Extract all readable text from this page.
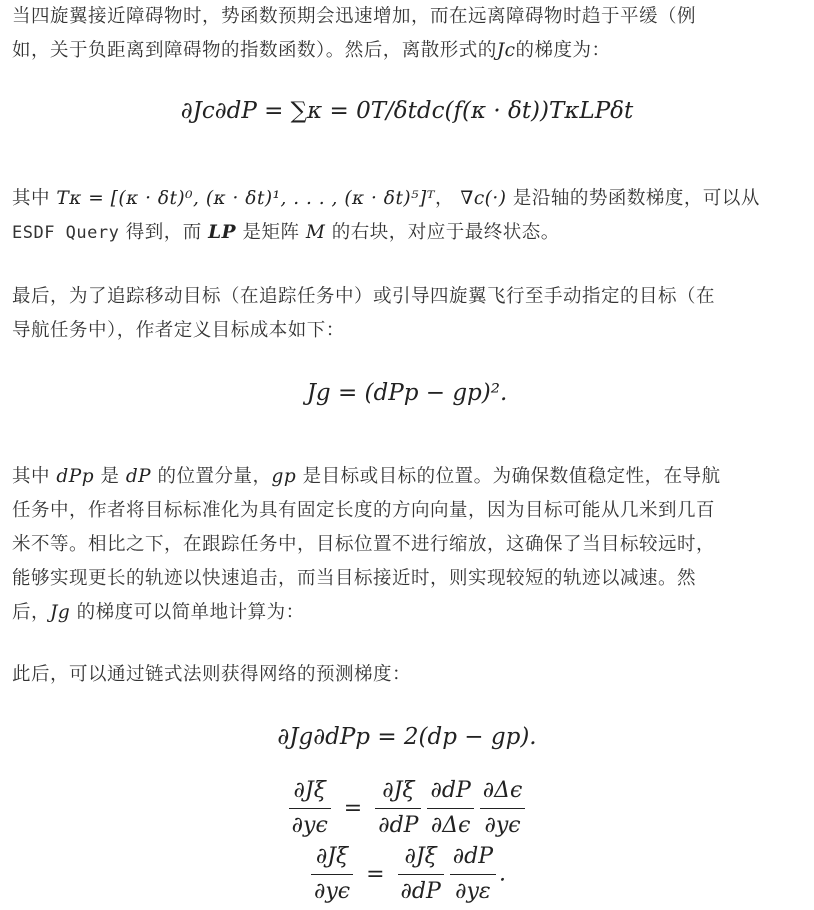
当四旋翼接近障碍物时，势函数预期会迅速增加，而在远离障碍物时趋于平缓（例
如，关于负距离到障碍物的指数函数）。然后，离散形式的Jc的梯度为：
∂Jc∂dP = ∑κ = 0T/δtdc(f(κ · δt))TκLPδt
其中 Tκ = [(κ · δt)⁰, (κ · δt)¹, . . . , (κ · δt)⁵]ᵀ， ∇c(·) 是沿轴的势函数梯度，可以从
ESDF Query 得到，而 LP 是矩阵 M 的右块，对应于最终状态。
最后，为了追踪移动目标（在追踪任务中）或引导四旋翼飞行至手动指定的目标（在
导航任务中），作者定义目标成本如下：
Jg = (dPp − gp)².
其中 dPp 是 dP 的位置分量，gp 是目标或目标的位置。为确保数值稳定性，在导航
任务中，作者将目标标准化为具有固定长度的方向向量，因为目标可能从几米到几百
米不等。相比之下，在跟踪任务中，目标位置不进行缩放，这确保了当目标较远时，
能够实现更长的轨迹以快速追击，而当目标接近时，则实现较短的轨迹以减速。然
后，Jg 的梯度可以简单地计算为：
此后，可以通过链式法则获得网络的预测梯度：
∂Jg∂dPp = 2(dp − gp).
$\frac{\partial J\xi}{\partial y\epsilon} = \frac{\partial J\xi}{\partial dP} \frac{\partial dP}{\partial\Delta\epsilon} \frac{\partial\Delta\epsilon}{\partial y\epsilon}$
$\frac{\partial J\xi}{\partial y\epsilon} = \frac{\partial J\xi}{\partial dP} \frac{\partial dP}{\partial y\varepsilon}$ .
